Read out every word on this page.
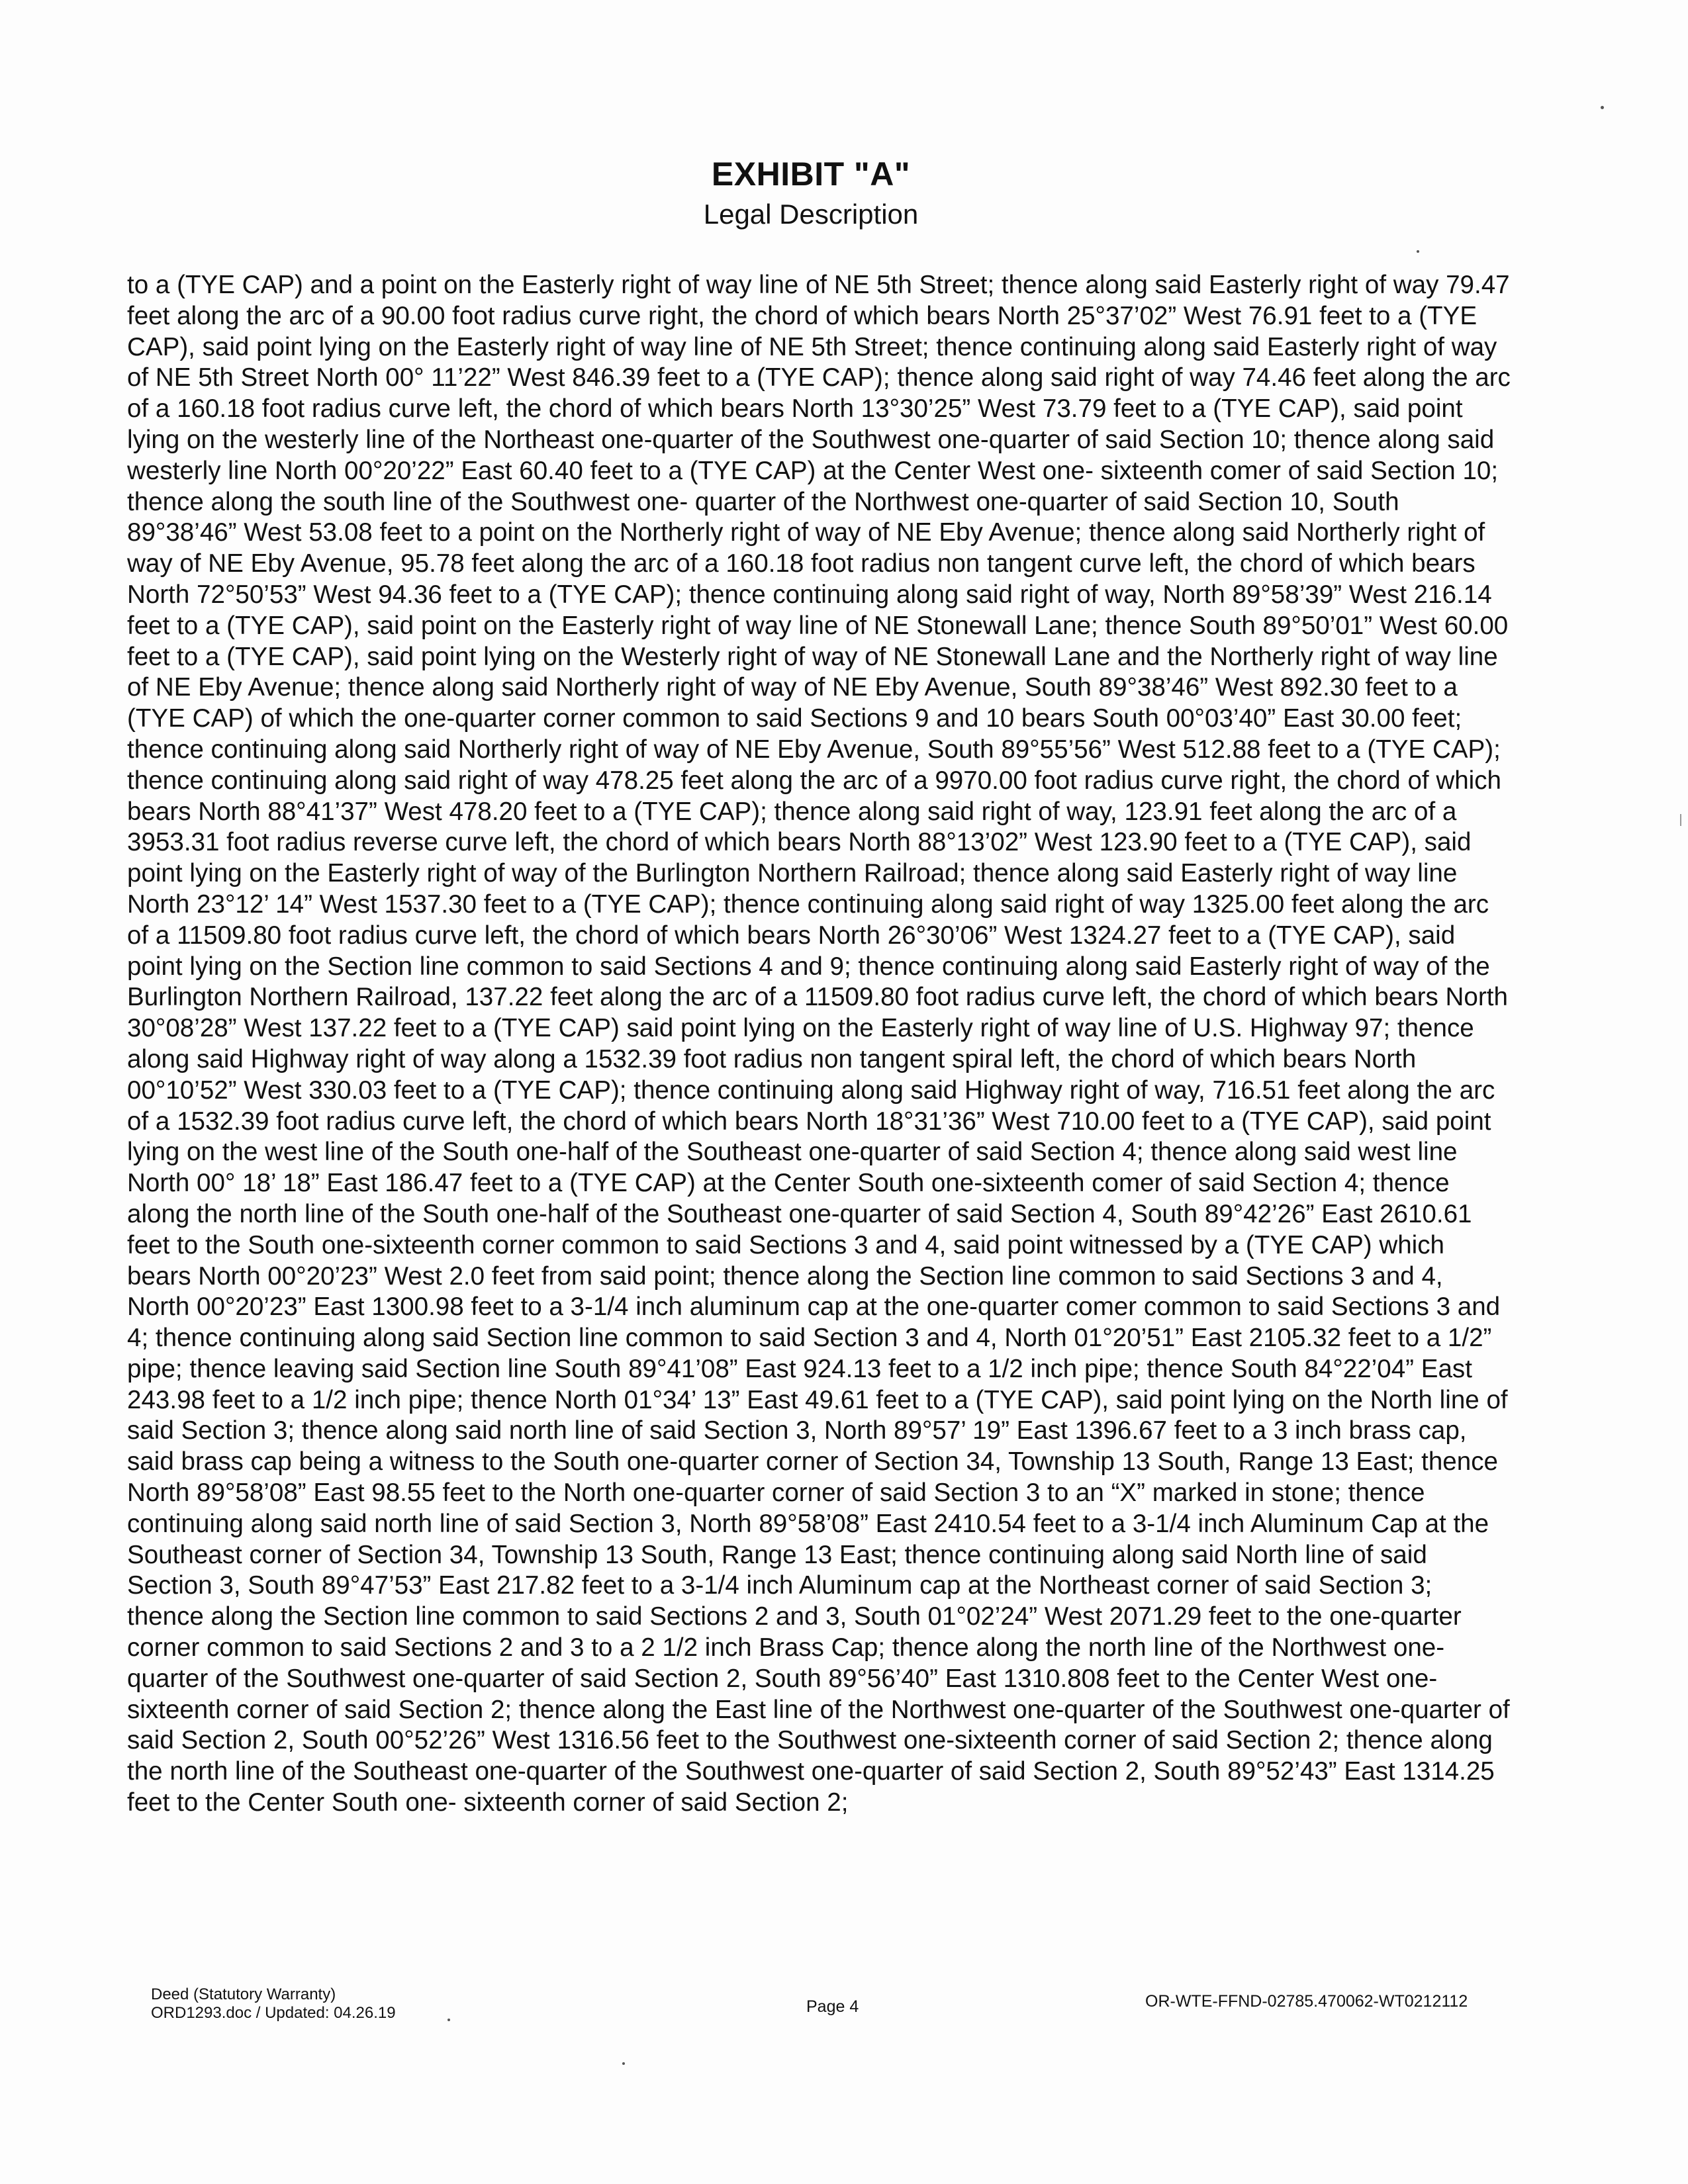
EXHIBIT "A"
Legal Description
to a (TYE CAP) and a point on the Easterly right of way line of NE 5th Street; thence along said Easterly right of way 79.47 feet along the arc of a 90.00 foot radius curve right, the chord of which bears North 25°37’02” West 76.91 feet to a (TYE CAP), said point lying on the Easterly right of way line of NE 5th Street; thence continuing along said Easterly right of way of NE 5th Street North 00° 11’22” West 846.39 feet to a (TYE CAP); thence along said right of way 74.46 feet along the arc of a 160.18 foot radius curve left, the chord of which bears North 13°30’25” West 73.79 feet to a (TYE CAP), said point lying on the westerly line of the Northeast one-quarter of the Southwest one-quarter of said Section 10; thence along said westerly line North 00°20’22” East 60.40 feet to a (TYE CAP) at the Center West one- sixteenth comer of said Section 10; thence along the south line of the Southwest one- quarter of the Northwest one-quarter of said Section 10, South 89°38’46” West 53.08 feet to a point on the Northerly right of way of NE Eby Avenue; thence along said Northerly right of way of NE Eby Avenue, 95.78 feet along the arc of a 160.18 foot radius non tangent curve left, the chord of which bears North 72°50’53” West 94.36 feet to a (TYE CAP); thence continuing along said right of way, North 89°58’39” West 216.14 feet to a (TYE CAP), said point on the Easterly right of way line of NE Stonewall Lane; thence South 89°50’01” West 60.00 feet to a (TYE CAP), said point lying on the Westerly right of way of NE Stonewall Lane and the Northerly right of way line of NE Eby Avenue; thence along said Northerly right of way of NE Eby Avenue, South 89°38’46” West 892.30 feet to a (TYE CAP) of which the one-quarter corner common to said Sections 9 and 10 bears South 00°03’40” East 30.00 feet; thence continuing along said Northerly right of way of NE Eby Avenue, South 89°55’56” West 512.88 feet to a (TYE CAP); thence continuing along said right of way 478.25 feet along the arc of a 9970.00 foot radius curve right, the chord of which bears North 88°41’37” West 478.20 feet to a (TYE CAP); thence along said right of way, 123.91 feet along the arc of a 3953.31 foot radius reverse curve left, the chord of which bears North 88°13’02” West 123.90 feet to a (TYE CAP), said point lying on the Easterly right of way of the Burlington Northern Railroad; thence along said Easterly right of way line North 23°12’ 14” West 1537.30 feet to a (TYE CAP); thence continuing along said right of way 1325.00 feet along the arc of a 11509.80 foot radius curve left, the chord of which bears North 26°30’06” West 1324.27 feet to a (TYE CAP), said point lying on the Section line common to said Sections 4 and 9; thence continuing along said Easterly right of way of the Burlington Northern Railroad, 137.22 feet along the arc of a 11509.80 foot radius curve left, the chord of which bears North 30°08’28” West 137.22 feet to a (TYE CAP) said point lying on the Easterly right of way line of U.S. Highway 97; thence along said Highway right of way along a 1532.39 foot radius non tangent spiral left, the chord of which bears North 00°10’52” West 330.03 feet to a (TYE CAP); thence continuing along said Highway right of way, 716.51 feet along the arc of a 1532.39 foot radius curve left, the chord of which bears North 18°31’36” West 710.00 feet to a (TYE CAP), said point lying on the west line of the South one-half of the Southeast one-quarter of said Section 4; thence along said west line North 00° 18’ 18” East 186.47 feet to a (TYE CAP) at the Center South one-sixteenth comer of said Section 4; thence along the north line of the South one-half of the Southeast one-quarter of said Section 4, South 89°42’26” East 2610.61 feet to the South one-sixteenth corner common to said Sections 3 and 4, said point witnessed by a (TYE CAP) which bears North 00°20’23” West 2.0 feet from said point; thence along the Section line common to said Sections 3 and 4, North 00°20’23” East 1300.98 feet to a 3-1/4 inch aluminum cap at the one-quarter comer common to said Sections 3 and 4; thence continuing along said Section line common to said Section 3 and 4, North 01°20’51” East 2105.32 feet to a 1/2” pipe; thence leaving said Section line South 89°41’08” East 924.13 feet to a 1/2 inch pipe; thence South 84°22’04” East 243.98 feet to a 1/2 inch pipe; thence North 01°34’ 13” East 49.61 feet to a (TYE CAP), said point lying on the North line of said Section 3; thence along said north line of said Section 3, North 89°57’ 19” East 1396.67 feet to a 3 inch brass cap, said brass cap being a witness to the South one-quarter corner of Section 34, Township 13 South, Range 13 East; thence North 89°58’08” East 98.55 feet to the North one-quarter corner of said Section 3 to an “X” marked in stone; thence continuing along said north line of said Section 3, North 89°58’08” East 2410.54 feet to a 3-1/4 inch Aluminum Cap at the Southeast corner of Section 34, Township 13 South, Range 13 East; thence continuing along said North line of said Section 3, South 89°47’53” East 217.82 feet to a 3-1/4 inch Aluminum cap at the Northeast corner of said Section 3; thence along the Section line common to said Sections 2 and 3, South 01°02’24” West 2071.29 feet to the one-quarter corner common to said Sections 2 and 3 to a 2 1/2 inch Brass Cap; thence along the north line of the Northwest one-quarter of the Southwest one-quarter of said Section 2, South 89°56’40” East 1310.808 feet to the Center West one-sixteenth corner of said Section 2; thence along the East line of the Northwest one-quarter of the Southwest one-quarter of said Section 2, South 00°52’26” West 1316.56 feet to the Southwest one-sixteenth corner of said Section 2; thence along the north line of the Southeast one-quarter of the Southwest one-quarter of said Section 2, South 89°52’43” East 1314.25 feet to the Center South one- sixteenth corner of said Section 2;
Deed (Statutory Warranty)
ORD1293.doc / Updated: 04.26.19	Page 4	OR-WTE-FFND-02785.470062-WT0212112
